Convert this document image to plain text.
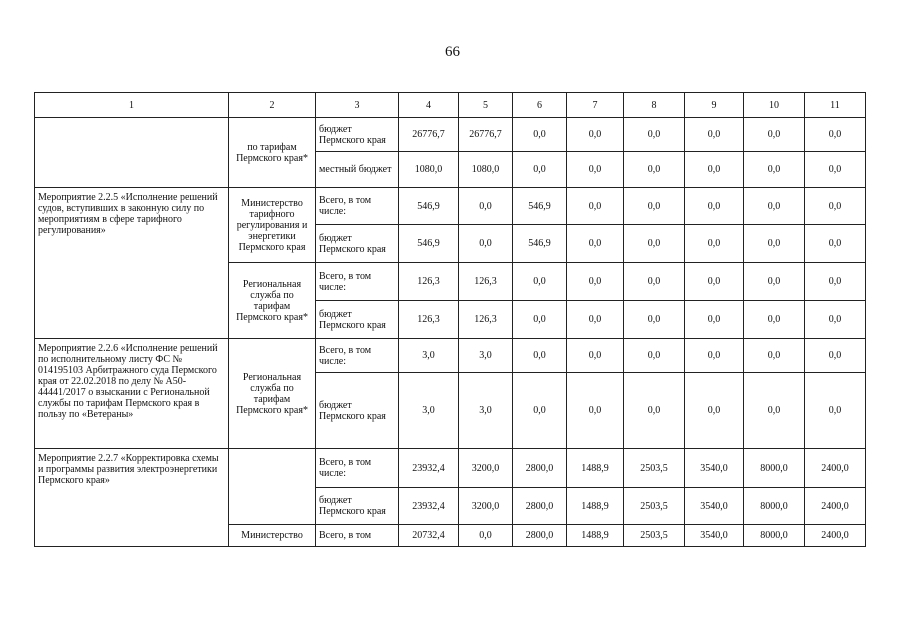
66
1	2	3	4	5	6	7	8	9	10	11
	по тарифам Пермского края*	бюджет Пермского края	26776,7	26776,7	0,0	0,0	0,0	0,0	0,0	0,0
		местный бюджет	1080,0	1080,0	0,0	0,0	0,0	0,0	0,0	0,0
Мероприятие 2.2.5 «Исполнение решений судов, вступивших в законную силу по мероприятиям в сфере тарифного регулирования»	Министерство тарифного регулирования и энергетики Пермского края	Всего, в том числе:	546,9	0,0	546,9	0,0	0,0	0,0	0,0	0,0
		бюджет Пермского края	546,9	0,0	546,9	0,0	0,0	0,0	0,0	0,0
	Региональная служба по тарифам Пермского края*	Всего, в том числе:	126,3	126,3	0,0	0,0	0,0	0,0	0,0	0,0
		бюджет Пермского края	126,3	126,3	0,0	0,0	0,0	0,0	0,0	0,0
Мероприятие 2.2.6 «Исполнение решений по исполнительному листу ФС № 014195103 Арбитражного суда Пермского края от 22.02.2018 по делу № А50-44441/2017 о взыскании с Региональной службы по тарифам Пермского края в пользу по «Ветераны»	Региональная служба по тарифам Пермского края*	Всего, в том числе:	3,0	3,0	0,0	0,0	0,0	0,0	0,0	0,0
		бюджет Пермского края	3,0	3,0	0,0	0,0	0,0	0,0	0,0	0,0
Мероприятие 2.2.7 «Корректировка схемы и программы развития электроэнергетики Пермского края»		Всего, в том числе:	23932,4	3200,0	2800,0	1488,9	2503,5	3540,0	8000,0	2400,0
		бюджет Пермского края	23932,4	3200,0	2800,0	1488,9	2503,5	3540,0	8000,0	2400,0
	Министерство	Всего, в том	20732,4	0,0	2800,0	1488,9	2503,5	3540,0	8000,0	2400,0
